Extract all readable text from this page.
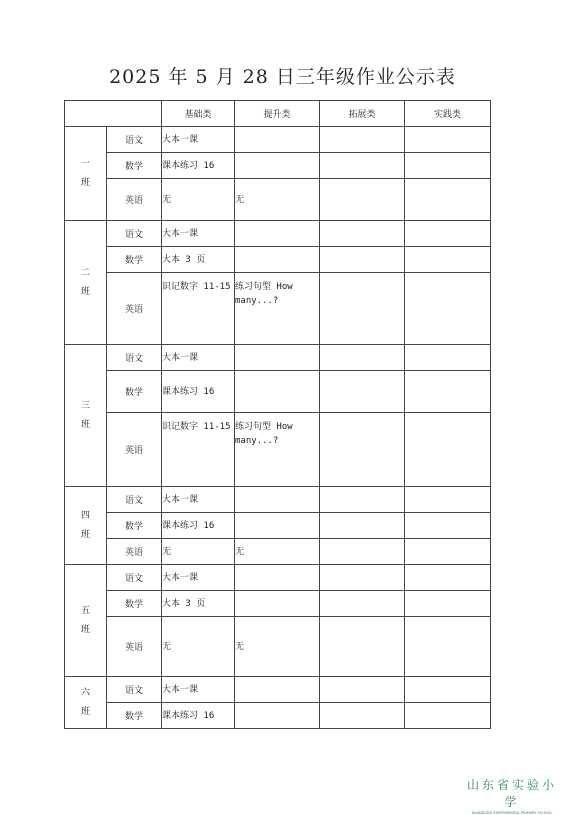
2025 年 5 月 28 日三年级作业公示表
		基础类	提升类	拓展类	实践类
一
班	语文	大本一课			

	数学	课本练习 16			

	英语	无	无		

二
班	语文	大本一课			

	数学	大本 3 页			

	英语	识记数字 11-15	练习句型 How many...?		

三
班	语文	大本一课			

	数学	课本练习 16			

	英语	识记数字 11-15	练习句型 How many...?		

四
班	语文	大本一课			

	数学	课本练习 16			

	英语	无	无		

五
班	语文	大本一课			

	数学	大本 3 页			

	英语	无	无		

六
班	语文	大本一课			

	数学	课本练习 16			

山东省实验小学
SHANDONG EXPERIMENTAL PRIMARY SCHOOL
